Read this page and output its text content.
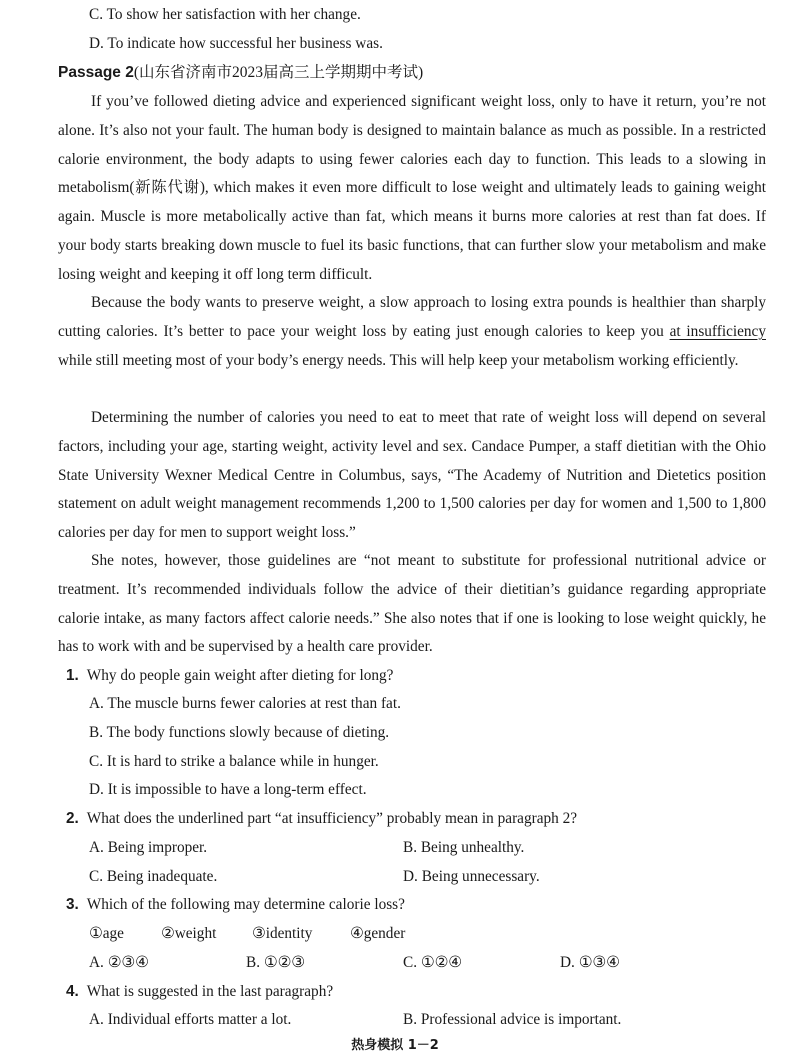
C. To show her satisfaction with her change.
D. To indicate how successful her business was.
Passage 2(山东省济南市2023届高三上学期期中考试)
If you’ve followed dieting advice and experienced significant weight loss, only to have it return, you’re not alone. It’s also not your fault. The human body is designed to maintain balance as much as possible. In a restricted calorie environment, the body adapts to using fewer calories each day to function. This leads to a slowing in metabolism(新陈代谢), which makes it even more difficult to lose weight and ultimately leads to gaining weight again. Muscle is more metabolically active than fat, which means it burns more calories at rest than fat does. If your body starts breaking down muscle to fuel its basic functions, that can further slow your metabolism and make losing weight and keeping it off long term difficult.
Because the body wants to preserve weight, a slow approach to losing extra pounds is healthier than sharply cutting calories. It’s better to pace your weight loss by eating just enough calories to keep you at insufficiency while still meeting most of your body’s energy needs. This will help keep your metabolism working efficiently.
Determining the number of calories you need to eat to meet that rate of weight loss will depend on several factors, including your age, starting weight, activity level and sex. Candace Pumper, a staff dietitian with the Ohio State University Wexner Medical Centre in Columbus, says, “The Academy of Nutrition and Dietetics position statement on adult weight management recommends 1,200 to 1,500 calories per day for women and 1,500 to 1,800 calories per day for men to support weight loss.”
She notes, however, those guidelines are “not meant to substitute for professional nutritional advice or treatment. It’s recommended individuals follow the advice of their dietitian’s guidance regarding appropriate calorie intake, as many factors affect calorie needs.” She also notes that if one is looking to lose weight quickly, he has to work with and be supervised by a health care provider.
1. Why do people gain weight after dieting for long?
A. The muscle burns fewer calories at rest than fat.
B. The body functions slowly because of dieting.
C. It is hard to strike a balance while in hunger.
D. It is impossible to have a long-term effect.
2. What does the underlined part “at insufficiency” probably mean in paragraph 2?
A. Being improper.	B. Being unhealthy.
C. Being inadequate.	D. Being unnecessary.
3. Which of the following may determine calorie loss?
①age ②weight ③identity ④gender
A. ②③④	B. ①②③	C. ①②④	D. ①③④
4. What is suggested in the last paragraph?
A. Individual efforts matter a lot.	B. Professional advice is important.
热身模拟 1－2
